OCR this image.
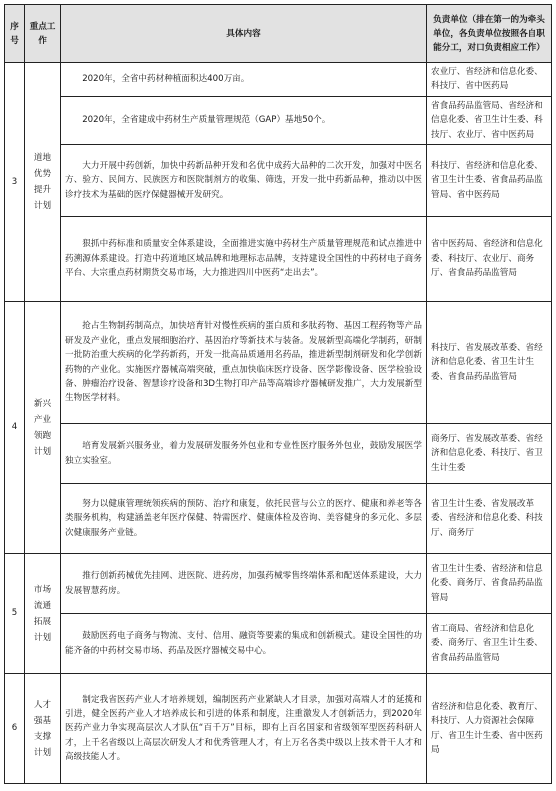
序号	重点工作	具体内容	负责单位（排在第一的为牵头单位，各负责单位按照各自职能分工，对口负责相应工作）
3	道地优势提升计划	2020年，全省中药材种植面积达400万亩。	农业厅、省经济和信息化委、科技厅、省中医药局
		2020年，全省建成中药材生产质量管理规范（GAP）基地50个。	省食品药品监管局、省经济和信息化委、省卫生计生委、科技厅、农业厅、省中医药局
		大力开展中药创新，加快中药新品种开发和名优中成药大品种的二次开发，加强对中医名方、验方、民间方、民族医方和医院制剂方的收集、筛选，开发一批中药新品种，推动以中医诊疗技术为基础的医疗保健器械开发研究。	科技厅、省经济和信息化委、省卫生计生委、省食品药品监管局、省中医药局
		狠抓中药标准和质量安全体系建设，全面推进实施中药材生产质量管理规范和试点推进中药溯源体系建设。打造中药道地区域品牌和地理标志品牌，支持建设全国性的中药材电子商务平台、大宗重点药材期货交易市场，大力推进四川中医药“走出去”。	省中医药局、省经济和信息化委、科技厅、农业厅、商务厅、省食品药品监管局
4	新兴产业领跑计划	抢占生物制药制高点，加快培育针对慢性疾病的蛋白质和多肽药物、基因工程药物等产品研发及产业化，重点发展细胞治疗、基因治疗等新技术与装备。发展新型高端化学制药，研制一批防治重大疾病的化学药新药，开发一批高品质通用名药品，推进新型制剂研发和化学创新药物的产业化。实施医疗器械高端突破，重点加快临床医疗设备、医学影像设备、医学检验设备、肿瘤治疗设备、智慧诊疗设备和3D生物打印产品等高端诊疗器械研发推广，大力发展新型生物医学材料。	科技厅、省发展改革委、省经济和信息化委、省卫生计生委、省食品药品监管局
		培育发展新兴服务业，着力发展研发服务外包业和专业性医疗服务外包业，鼓励发展医学独立实验室。	商务厅、省发展改革委、省经济和信息化委、科技厅、省卫生计生委
		努力以健康管理统领疾病的预防、治疗和康复，依托民营与公立的医疗、健康和养老等各类服务机构，构建涵盖老年医疗保健、特需医疗、健康体检及咨询、美容健身的多元化、多层次健康服务产业链。	省卫生计生委、省发展改革委、省经济和信息化委、科技厅、商务厅
5	市场流通拓展计划	推行创新药械优先挂网、进医院、进药房，加强药械零售终端体系和配送体系建设，大力发展智慧药房。	省卫生计生委、省经济和信息化委、商务厅、省食品药品监管局
		鼓励医药电子商务与物流、支付、信用、融资等要素的集成和创新模式。建设全国性的功能齐备的中药材交易市场、药品及医疗器械交易中心。	省工商局、省经济和信息化委、商务厅、省卫生计生委、省食品药品监管局
6	人才强基支撑计划	制定我省医药产业人才培养规划，编制医药产业紧缺人才目录，加强对高端人才的延揽和引进，健全医药产业人才培养成长和引进的体系和制度，注重激发人才创新活力，到2020年医药产业力争实现高层次人才队伍“百千万”目标，即有上百名国家和省级领军型医药科研人才，上千名省级以上高层次研发人才和优秀管理人才，有上万名各类中级以上技术骨干人才和高级技能人才。	省经济和信息化委、教育厅、科技厅、人力资源社会保障厅、省卫生计生委、省中医药局
